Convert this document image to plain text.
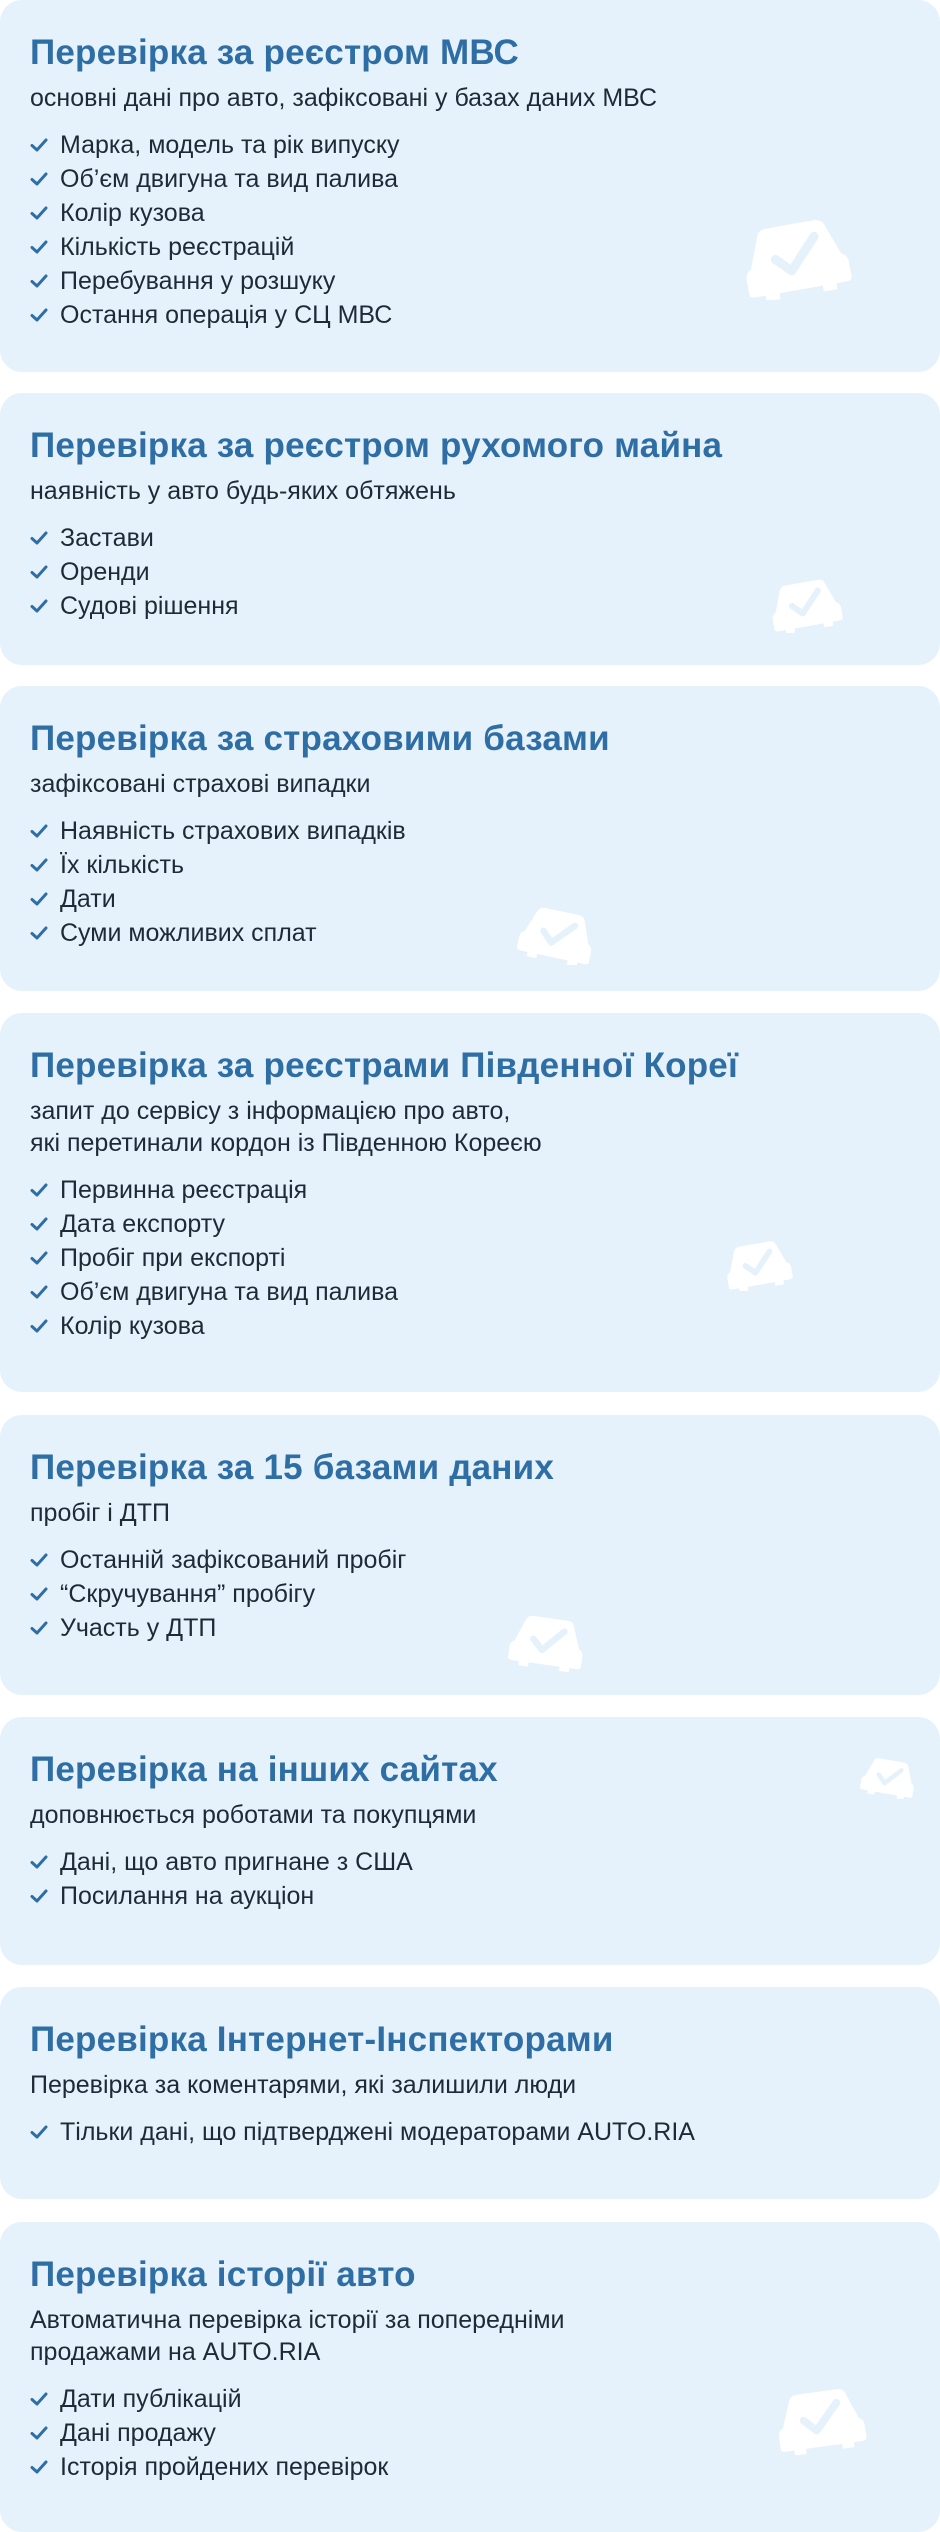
Перевірка за реєстром МВС

основні дані про авто, зафіксовані у базах даних МВС

Марка, модель та рік випуску
Об’єм двигуна та вид палива
Колір кузова
Кількість реєстрацій
Перебування у розшуку
Остання операція у СЦ МВС
Перевірка за реєстром рухомого майна

наявність у авто будь-яких обтяжень

Застави
Оренди
Судові рішення
Перевірка за страховими базами

зафіксовані страхові випадки

Наявність страхових випадків
Їх кількість
Дати
Суми можливих сплат
Перевірка за реєстрами Південної Кореї

запит до сервісу з інформацією про авто,
які перетинали кордон із Південною Кореєю

Первинна реєстрація
Дата експорту
Пробіг при експорті
Об’єм двигуна та вид палива
Колір кузова
Перевірка за 15 базами даних

пробіг і ДТП

Останній зафіксований пробіг
“Скручування” пробігу
Участь у ДТП
Перевірка на інших сайтах

доповнюється роботами та покупцями

Дані, що авто пригнане з США
Посилання на аукціон
Перевірка Інтернет-Інспекторами

Перевірка за коментарями, які залишили люди

Тільки дані, що підтверджені модераторами AUTO.RIA
Перевірка історії авто

Автоматична перевірка історії за попередніми
продажами на AUTO.RIA

Дати публікацій
Дані продажу
Історія пройдених перевірок
